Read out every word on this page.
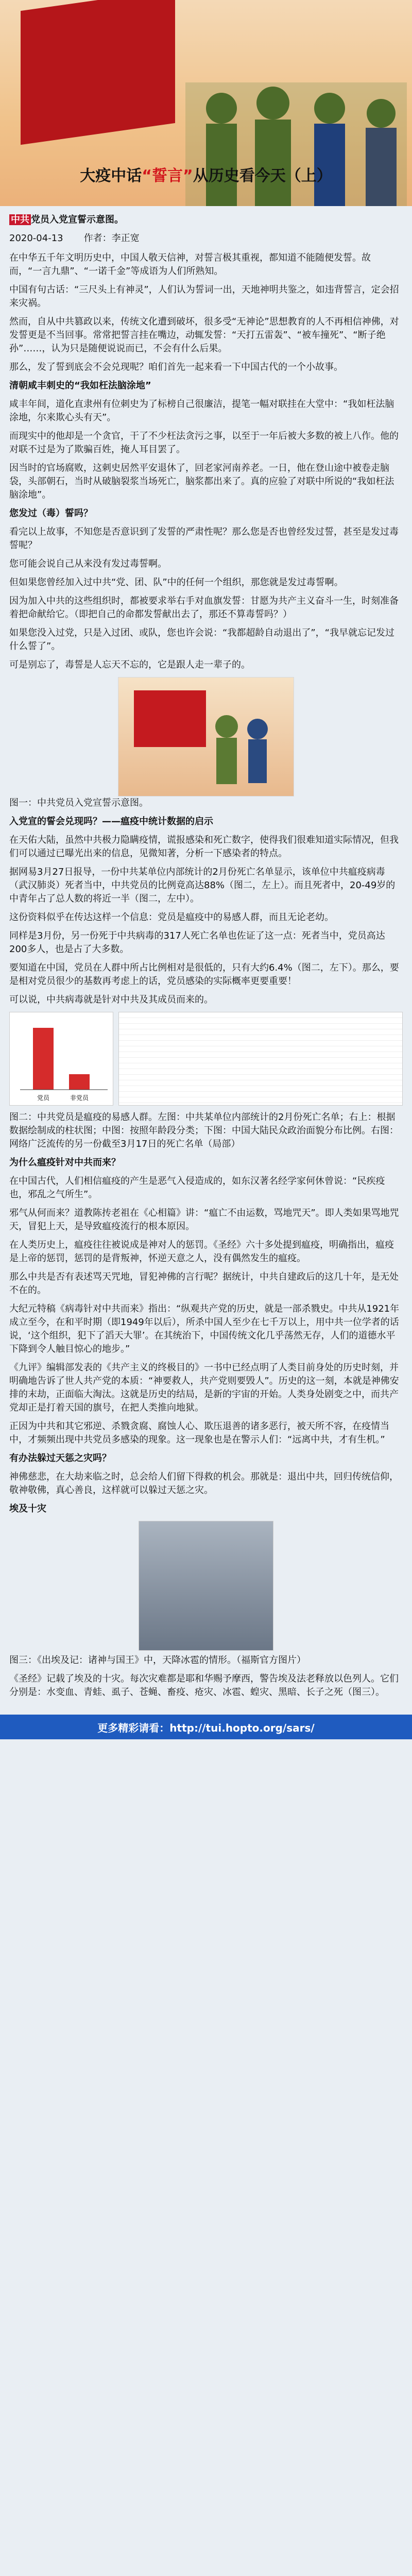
大疫中话“誓言”从历史看今天（上）

中共 党员入党宣誓示意图。

2020-04-13 作者：李正宽

在中华五千年文明历史中，中国人敬天信神，对誓言极其重视，都知道不能随便发誓。故而，“一言九鼎”、“一诺千金”等成语为人们所熟知。

中国有句古话：“三尺头上有神灵”，人们认为誓词一出，天地神明共鉴之，如违背誓言，定会招来灾祸。

然而，自从中共篡政以来，传统文化遭到破坏，很多受“无神论”思想教育的人不再相信神佛，对发誓更是不当回事。常常把誓言挂在嘴边，动辄发誓：“天打五雷轰”、“被车撞死”、“断子绝孙”……，认为只是随便说说而已，不会有什么后果。

那么，发了誓到底会不会兑现呢？咱们首先一起来看一下中国古代的一个小故事。

清朝咸丰刺史的“我如枉法脑涂地”

咸丰年间，道化直隶州有位刺史为了标榜自己很廉洁，提笔一幅对联挂在大堂中：“我如枉法脑涂地，尔来欺心头有天”。

而现实中的他却是一个贪官，干了不少枉法贪污之事，以至于一年后被大多数的被上八作。他的对联不过是为了欺骗百姓，掩人耳目罢了。

因当时的官场腐败，这刺史居然平安退休了，回老家河南养老。一日，他在登山途中被卷走脑袋，头部朝石，当时从破脑裂浆当场死亡，脑浆都出来了。真的应验了对联中所说的“我如枉法脑涂地”。

您发过（毒）誓吗？

看完以上故事，不知您是否意识到了发誓的严肃性呢？那么您是否也曾经发过誓，甚至是发过毒誓呢？

您可能会说自己从来没有发过毒誓啊。

但如果您曾经加入过中共“党、团、队”中的任何一个组织，那您就是发过毒誓啊。

因为加入中共的这些组织时，都被要求举右手对血旗发誓：甘愿为共产主义奋斗一生，时刻准备着把命献给它。（即把自己的命都发誓献出去了，那还不算毒誓吗？）

如果您没入过党，只是入过团、或队，您也许会说：“我都超龄自动退出了”，“我早就忘记发过什么誓了”。

可是别忘了，毒誓是人忘天不忘的，它是跟人走一辈子的。

图一：中共党员入党宣誓示意图。

入党宣的誓会兑现吗？——瘟疫中统计数据的启示

在天佑大陆，虽然中共极力隐瞒疫情，谎报感染和死亡数字，使得我们很难知道实际情况，但我们可以通过已曝光出来的信息，见微知著，分析一下感染者的特点。

据网易3月27日报导，一份中共某单位内部统计的2月份死亡名单显示，该单位中共瘟疫病毒（武汉肺炎）死者当中，中共党员的比例竟高达88%（图二，左上）。而且死者中，20-49岁的中青年占了总人数的将近一半（图二，左中）。

这份资料似乎在传达这样一个信息：党员是瘟疫中的易感人群，而且无论老幼。

同样是3月份，另一份死于中共病毒的317人死亡名单也佐证了这一点：死者当中，党员高达200多人，也是占了大多数。

要知道在中国，党员在人群中所占比例相对是很低的，只有大约6.4%（图二，左下）。那么，要是相对党员很少的基数再考虑上的话，党员感染的实际概率更要重要！

可以说，中共病毒就是针对中共及其成员而来的。

党员	非党员

图二：中共党员是瘟疫的易感人群。左图：中共某单位内部统计的2月份死亡名单；右上：根据数据绘制成的柱状图；中图：按照年龄段分类；下图：中国大陆民众政治面貌分布比例。右图：网络广泛流传的另一份截至3月17日的死亡名单（局部）

为什么瘟疫针对中共而来？

在中国古代，人们相信瘟疫的产生是恶气入侵造成的，如东汉著名经学家何休曾说：“民疾疫也，邪乱之气所生”。

邪气从何而来？道教陈抟老祖在《心相篇》讲：“瘟亡不由运数，骂地咒天”。即人类如果骂地咒天，冒犯上天，是导致瘟疫流行的根本原因。

在人类历史上，瘟疫往往被说成是神对人的惩罚。《圣经》六十多处提到瘟疫，明确指出，瘟疫是上帝的惩罚，惩罚的是背叛神，怀逆天意之人，没有偶然发生的瘟疫。

那么中共是否有表述骂天咒地，冒犯神佛的言行呢？据统计，中共自建政后的这几十年，是无处不在的。

大纪元特稿《病毒针对中共而来》指出：“纵观共产党的历史，就是一部杀戮史。中共从1921年成立至今，在和平时期（即1949年以后），所杀中国人至少在七千万以上，用中共一位学者的话说，‘这个组织，犯下了滔天大罪’。在其统治下，中国传统文化几乎荡然无存，人们的道德水平下降到令人触目惊心的地步。”

《九评》编辑部发表的《共产主义的终极目的》一书中已经点明了人类目前身处的历史时刻，并明确地告诉了世人共产党的本质：“神要救人，共产党则要毁人”。历史的这一刻，本就是神佛安排的末劫，正面临大淘汰。这就是历史的结局，是新的宇宙的开始。人类身处剧变之中，而共产党却正是打着天国的旗号，在把人类推向地狱。

正因为中共和其它邪逆、杀戮贪腐、腐蚀人心、欺压退善的诸多恶行，被天所不容，在疫情当中，才频频出现中共党员多感染的现象。这一现象也是在警示人们：“远离中共，才有生机。”

有办法躲过天惩之灾吗？

神佛慈悲，在大劫来临之时，总会给人们留下得救的机会。那就是：退出中共，回归传统信仰，敬神敬佛，真心善良，这样就可以躲过天惩之灾。

埃及十灾

图三：《出埃及记：诸神与国王》中，天降冰雹的情形。（福斯官方图片）

《圣经》记载了埃及的十灾。每次灾难都是耶和华赐予摩西，警告埃及法老释放以色列人。它们分别是：水变血、青蛙、虱子、苍蝇、畜疫、疮灾、冰雹、蝗灾、黑暗、长子之死（图三）。

更多精彩请看：http://tui.hopto.org/sars/
